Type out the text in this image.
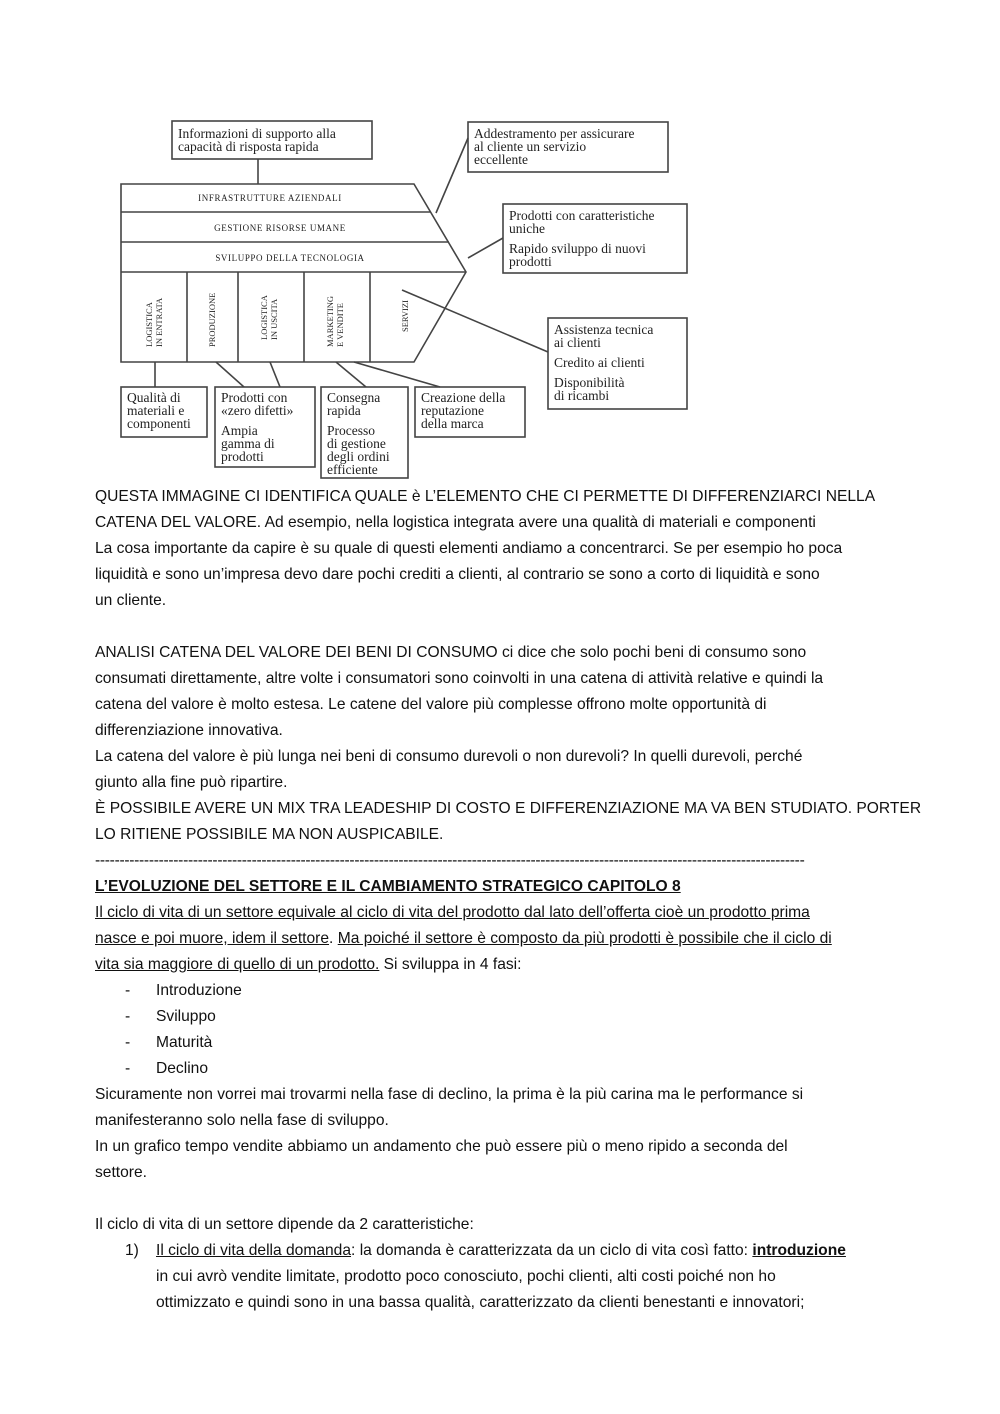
INFRASTRUTTURE AZIENDALI
GESTIONE RISORSE UMANE
SVILUPPO DELLA TECNOLOGIA
LOGISTICA IN ENTRATA	PRODUZIONE	LOGISTICA IN USCITA	MARKETING E VENDITE	SERVIZI
Informazioni di supporto alla
capacità di risposta rapida
Addestramento per assicurare
al cliente un servizio
eccellente
Prodotti con caratteristiche
uniche
Rapido sviluppo di nuovi
prodotti
Assistenza tecnica
ai clienti
Credito ai clienti
Disponibilità
di ricambi
Qualità di
materiali e
componenti
Prodotti con
«zero difetti»
Ampia
gamma di
prodotti
Consegna
rapida
Processo
di gestione
degli ordini
efficiente
Creazione della
reputazione
della marca

QUESTA IMMAGINE CI IDENTIFICA QUALE è L’ELEMENTO CHE CI PERMETTE DI DIFFERENZIARCI NELLA

CATENA DEL VALORE. Ad esempio, nella logistica integrata avere una qualità di materiali e componenti

La cosa importante da capire è su quale di questi elementi andiamo a concentrarci. Se per esempio ho poca

liquidità e sono un’impresa devo dare pochi crediti a clienti, al contrario se sono a corto di liquidità e sono

un cliente.

ANALISI CATENA DEL VALORE DEI BENI DI CONSUMO ci dice che solo pochi beni di consumo sono

consumati direttamente, altre volte i consumatori sono coinvolti in una catena di attività relative e quindi la

catena del valore è molto estesa. Le catene del valore più complesse offrono molte opportunità di

differenziazione innovativa.

La catena del valore è più lunga nei beni di consumo durevoli o non durevoli? In quelli durevoli, perché

giunto alla fine può ripartire.

È POSSIBILE AVERE UN MIX TRA LEADESHIP DI COSTO E DIFFERENZIAZIONE MA VA BEN STUDIATO. PORTER

LO RITIENE POSSIBILE MA NON AUSPICABILE.

-------------------------------------------------------------------------------------------------------------------------------------------------

L’EVOLUZIONE DEL SETTORE E IL CAMBIAMENTO STRATEGICO CAPITOLO 8

Il ciclo di vita di un settore equivale al ciclo di vita del prodotto dal lato dell’offerta cioè un prodotto prima

nasce e poi muore, idem il settore. Ma poiché il settore è composto da più prodotti è possibile che il ciclo di

vita sia maggiore di quello di un prodotto. Si sviluppa in 4 fasi:

- Introduzione
- Sviluppo
- Maturità
- Declino

Sicuramente non vorrei mai trovarmi nella fase di declino, la prima è la più carina ma le performance si

manifesteranno solo nella fase di sviluppo.

In un grafico tempo vendite abbiamo un andamento che può essere più o meno ripido a seconda del

settore.

Il ciclo di vita di un settore dipende da 2 caratteristiche:

1) Il ciclo di vita della domanda: la domanda è caratterizzata da un ciclo di vita così fatto: introduzione

in cui avrò vendite limitate, prodotto poco conosciuto, pochi clienti, alti costi poiché non ho

ottimizzato e quindi sono in una bassa qualità, caratterizzato da clienti benestanti e innovatori;
